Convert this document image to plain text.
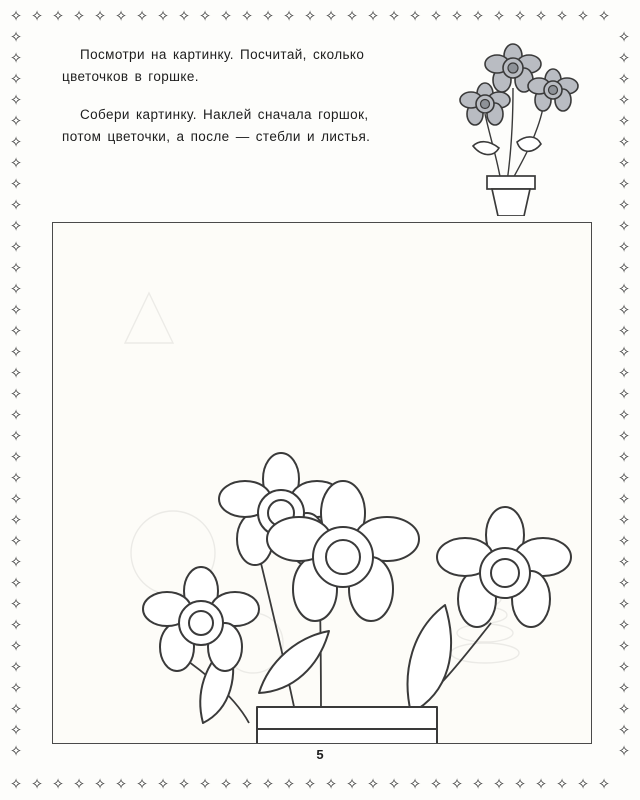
✧
✧
✧
✧
✧
✧
✧
✧
✧
✧
✧
✧
✧
✧
✧
✧
✧
✧
✧
✧
✧
✧
✧
✧
✧
✧
✧
✧
✧
✧
✧
✧
✧
✧
✧
✧
✧
✧
✧
✧
✧
✧
✧
✧
✧
✧
✧
✧
✧
✧
✧
✧
✧
✧
✧
✧
✧
✧
✧	✧
✧	✧
✧	✧
✧	✧
✧	✧
✧	✧
✧	✧
✧	✧
✧	✧
✧	✧
✧	✧
✧	✧
✧	✧
✧	✧
✧	✧
✧	✧
✧	✧
✧	✧
✧	✧
✧	✧
✧	✧
✧	✧
✧	✧
✧	✧
✧	✧
✧	✧
✧	✧
✧	✧
✧	✧
✧	✧
✧	✧
✧	✧
✧	✧
✧	✧
✧	✧

Посмотри на картинку. Посчитай, сколько цветочков в горшке.

Собери картинку. Наклей сначала горшок, потом цветочки, а после — стебли и листья.

5
